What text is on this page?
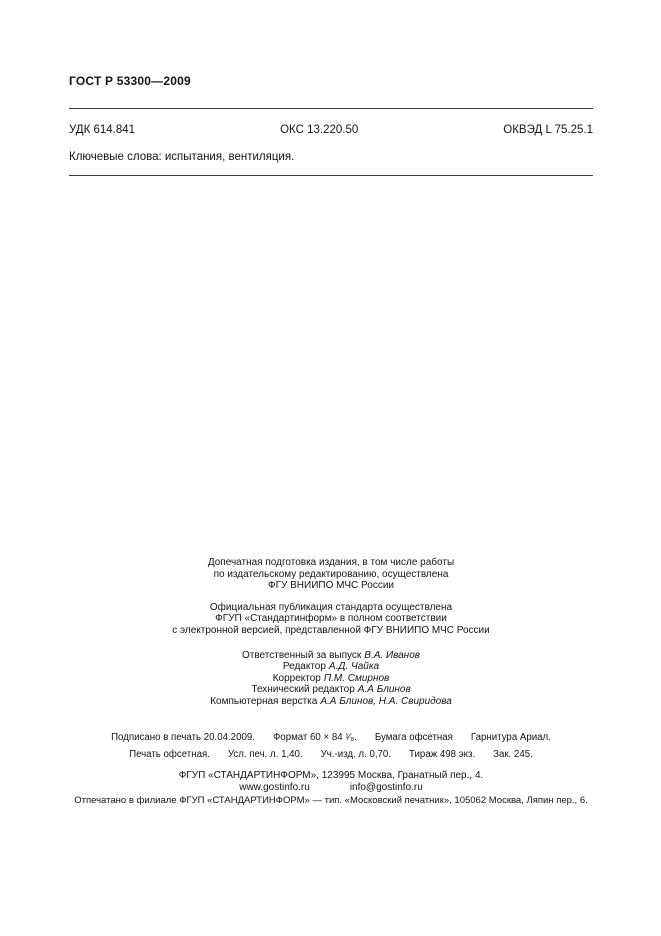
ГОСТ Р 53300—2009
УДК 614.841	ОКС 13.220.50	ОКВЭД L 75.25.1
Ключевые слова: испытания, вентиляция.
Допечатная подготовка издания, в том числе работы
по издательскому редактированию, осуществлена
ФГУ ВНИИПО МЧС России
Официальная публикация стандарта осуществлена
ФГУП «Стандартинформ» в полном соответствии
с электронной версией, представленной ФГУ ВНИИПО МЧС России
Ответственный за выпуск В.А. Иванов
Редактор А.Д. Чайка
Корректор П.М. Смирнов
Технический редактор А.А Блинов
Компьютерная верстка А.А Блинов, Н.А. Свиридова
Подписано в печать 20.04.2009. Формат 60 × 84 ¹⁄₈. Бумага офсетная Гарнитура Ариал.
Печать офсетная. Усл. печ. л. 1,40. Уч.-изд. л. 0,70. Тираж 498 экз. Зак. 245.
ФГУП «СТАНДАРТИНФОРМ», 123995 Москва, Гранатный пер., 4.
www.gostinfo.ru	info@gostinfo.ru
Отпечатано в филиале ФГУП «СТАНДАРТИНФОРМ» — тип. «Московский печатник», 105062 Москва, Ляпин пер., 6.
